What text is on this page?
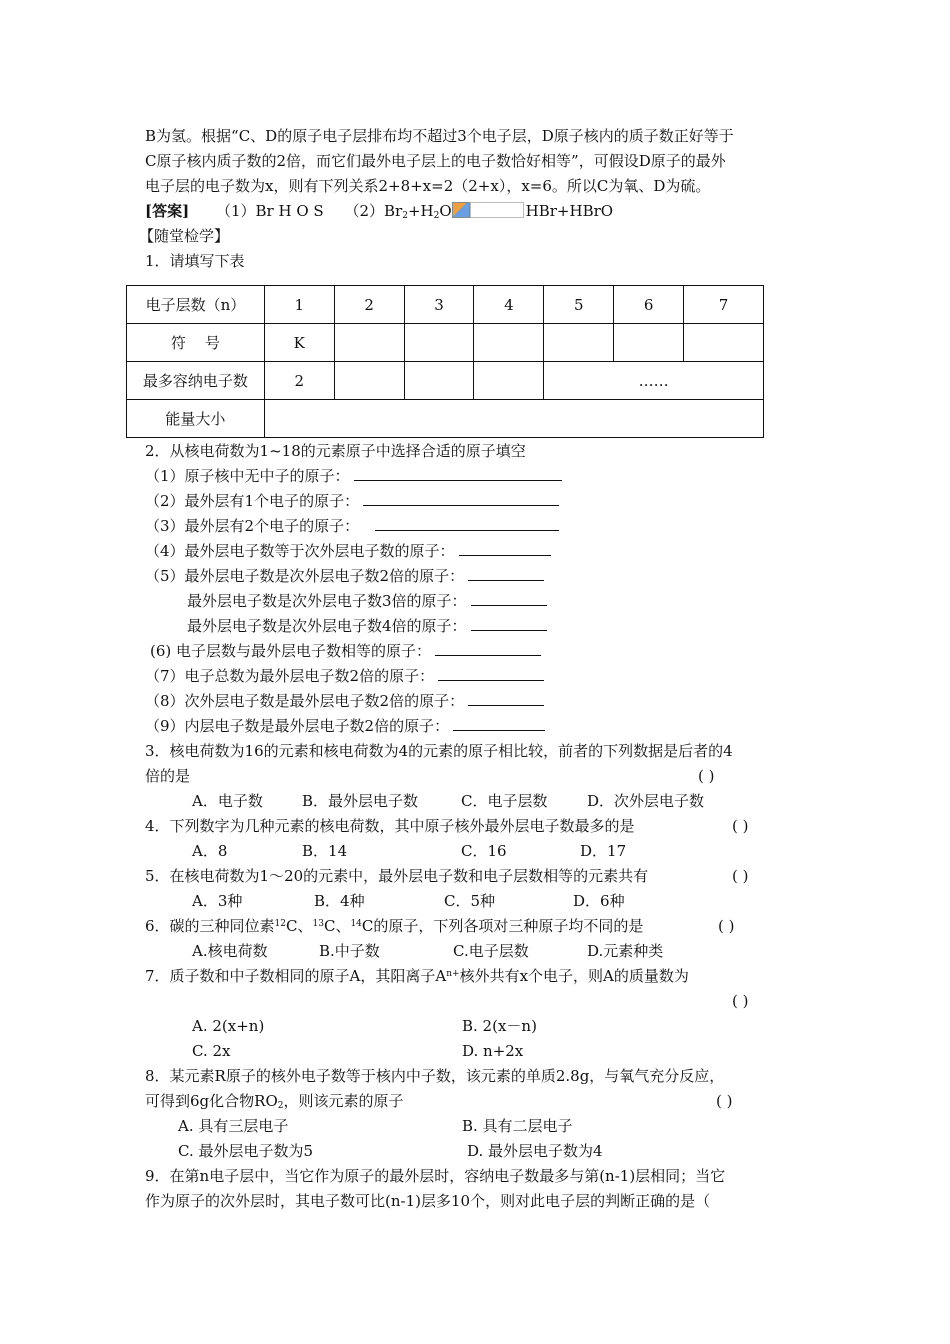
B为氢。根据“C、D的原子电子层排布均不超过3个电子层，D原子核内的质子数正好等于
C原子核内质子数的2倍，而它们最外电子层上的电子数恰好相等”，可假设D原子的最外
电子层的电子数为x，则有下列关系2+8+x=2（2+x），x=6。所以C为氧、D为硫。
[答案] （1）Br H O S $(2)Br_2+H_2O$	HBr+HBrO
【随堂检学】
1．请填写下表
电子层数（n）	1	2	3	4	5	6	7
符    号	K						
最多容纳电子数	2				……		
能量大小							
2．从核电荷数为1~18的元素原子中选择合适的原子填空
（1）原子核中无中子的原子：
（2）最外层有1个电子的原子：
（3）最外层有2个电子的原子：
（4）最外层电子数等于次外层电子数的原子：
（5）最外层电子数是次外层电子数2倍的原子：
最外层电子数是次外层电子数3倍的原子：
最外层电子数是次外层电子数4倍的原子：
(6) 电子层数与最外层电子数相等的原子：
（7）电子总数为最外层电子数2倍的原子：
（8）次外层电子数是最外层电子数2倍的原子：
（9）内层电子数是最外层电子数2倍的原子：
3．核电荷数为16的元素和核电荷数为4的元素的原子相比较，前者的下列数据是后者的4
倍的是	( )
A．电子数	B．最外层电子数	C．电子层数	D．次外层电子数
4．下列数字为几种元素的核电荷数，其中原子核外最外层电子数最多的是	( )
A．8	B．14	C．16	D．17
5．在核电荷数为1～20的元素中，最外层电子数和电子层数相等的元素共有	( )
A．3种	B．4种	C．5种	D．6种
6．碳的三种同位素$^{12}$C、$^{13}$C、$^{14}$C的原子，下列各项对三种原子均不同的是	( )
A.核电荷数	B.中子数	C.电子层数	D.元素种类
7．质子数和中子数相同的原子A，其阳离子$A^{n+}$核外共有x个电子，则A的质量数为
( )
A. 2(x+n)	B. 2(x－n)
C. 2x	D. n+2x
8．某元素R原子的核外电子数等于核内中子数，该元素的单质2.8g，与氧气充分反应，
可得到6g化合物$RO_2$，则该元素的原子	( )
A. 具有三层电子	B. 具有二层电子
C. 最外层电子数为5	D. 最外层电子数为4
9．在第n电子层中，当它作为原子的最外层时，容纳电子数最多与第(n-1)层相同；当它
作为原子的次外层时，其电子数可比(n-1)层多10个，则对此电子层的判断正确的是（
